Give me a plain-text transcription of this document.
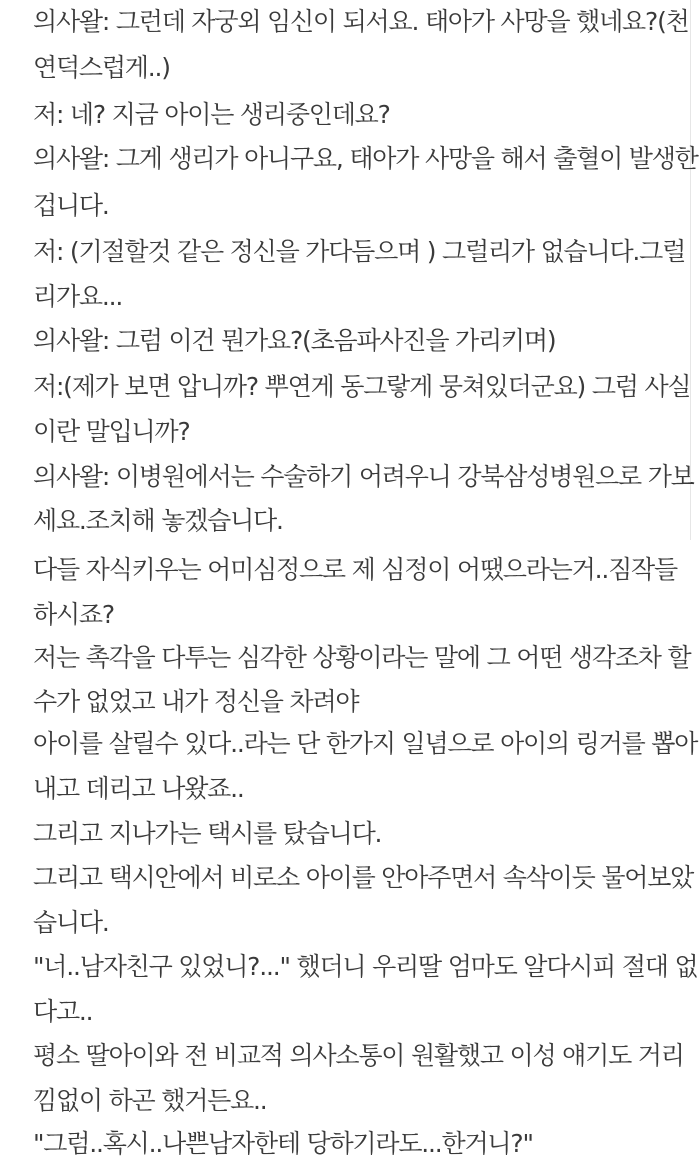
의사왈: 그런데 자궁외 임신이 되서요. 태아가 사망을 했네요?(천
연덕스럽게..)
저: 네? 지금 아이는 생리중인데요?
의사왈: 그게 생리가 아니구요, 태아가 사망을 해서 출혈이 발생한
겁니다.
저: (기절할것 같은 정신을 가다듬으며 ) 그럴리가 없습니다.그럴
리가요...
의사왈: 그럼 이건 뭔가요?(초음파사진을 가리키며)
저:(제가 보면 압니까? 뿌연게 동그랗게 뭉쳐있더군요) 그럼 사실
이란 말입니까?
의사왈: 이병원에서는 수술하기 어려우니 강북삼성병원으로 가보
세요.조치해 놓겠습니다.
다들 자식키우는 어미심정으로 제 심정이 어땠으라는거..짐작들
하시죠?
저는 촉각을 다투는 심각한 상황이라는 말에 그 어떤 생각조차 할
수가 없었고 내가 정신을 차려야
아이를 살릴수 있다..라는 단 한가지 일념으로 아이의 링거를 뽑아
내고 데리고 나왔죠..
그리고 지나가는 택시를 탔습니다.
그리고 택시안에서 비로소 아이를 안아주면서 속삭이듯 물어보았
습니다.
"너..남자친구 있었니?..." 했더니 우리딸 엄마도 알다시피 절대 없
다고..
평소 딸아이와 전 비교적 의사소통이 원활했고 이성 얘기도 거리
낌없이 하곤 했거든요..
"그럼..혹시..나쁜남자한테 당하기라도...한거니?"
